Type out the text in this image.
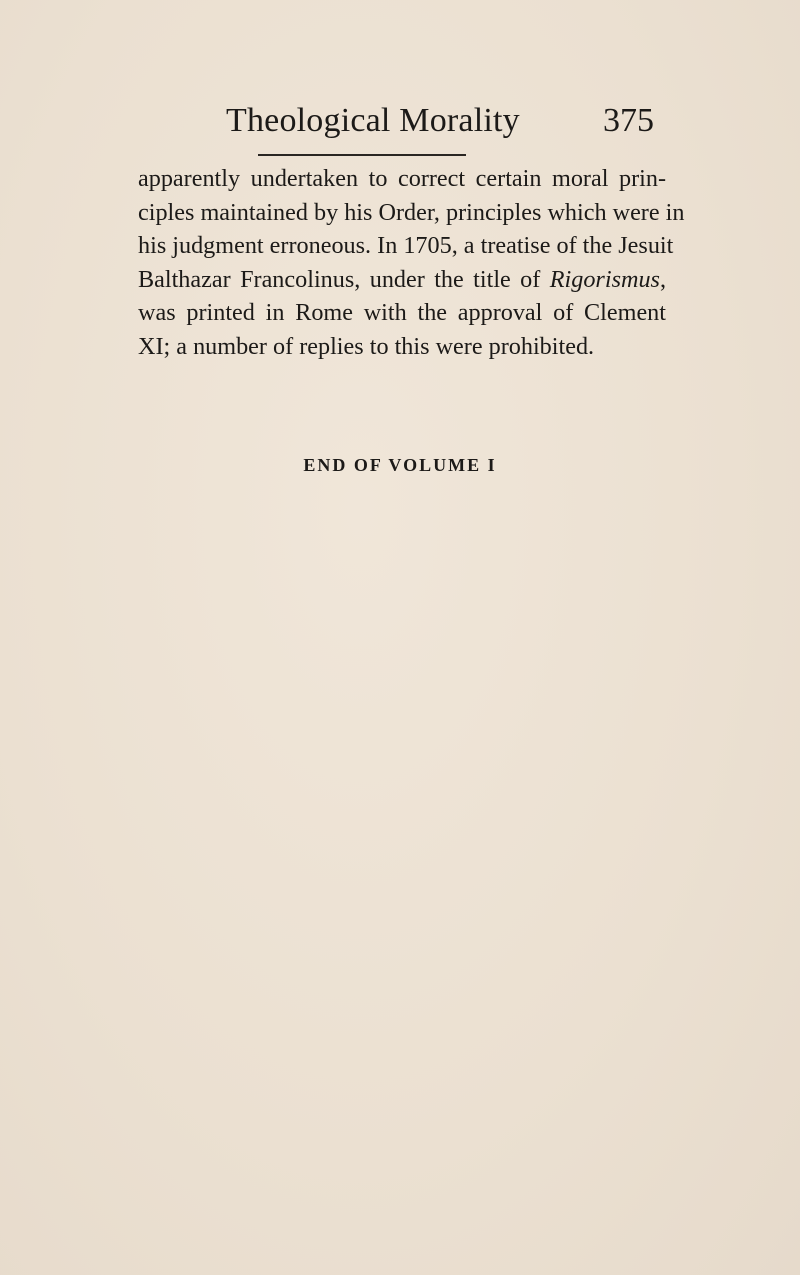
Theological Morality 375
apparently undertaken to correct certain moral prin-
ciples maintained by his Order, principles which were in
his judgment erroneous. In 1705, a treatise of the Jesuit
Balthazar Francolinus, under the title of Rigorismus,
was printed in Rome with the approval of Clement
XI; a number of replies to this were prohibited.
END OF VOLUME I
